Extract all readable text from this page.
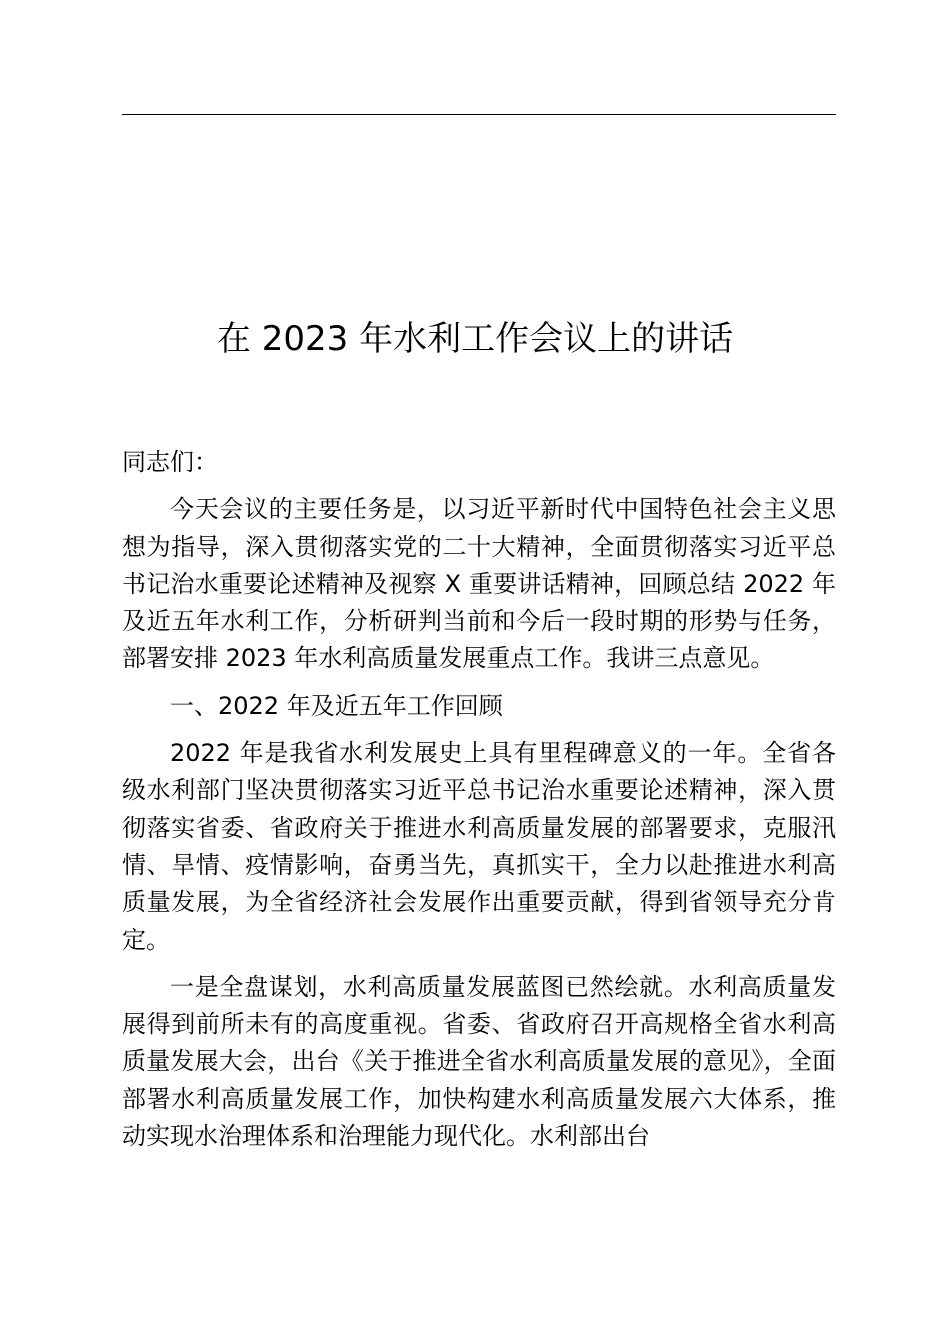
在 2023 年水利工作会议上的讲话

同志们：

今天会议的主要任务是，以习近平新时代中国特色社会主义思想为指导，深入贯彻落实党的二十大精神，全面贯彻落实习近平总书记治水重要论述精神及视察 X 重要讲话精神，回顾总结 2022 年及近五年水利工作，分析研判当前和今后一段时期的形势与任务，部署安排 2023 年水利高质量发展重点工作。我讲三点意见。

一、2022 年及近五年工作回顾

2022 年是我省水利发展史上具有里程碑意义的一年。全省各级水利部门坚决贯彻落实习近平总书记治水重要论述精神，深入贯彻落实省委、省政府关于推进水利高质量发展的部署要求，克服汛情、旱情、疫情影响，奋勇当先，真抓实干，全力以赴推进水利高质量发展，为全省经济社会发展作出重要贡献，得到省领导充分肯定。

一是全盘谋划，水利高质量发展蓝图已然绘就。水利高质量发展得到前所未有的高度重视。省委、省政府召开高规格全省水利高质量发展大会，出台《关于推进全省水利高质量发展的意见》，全面部署水利高质量发展工作，加快构建水利高质量发展六大体系，推动实现水治理体系和治理能力现代化。水利部出台
